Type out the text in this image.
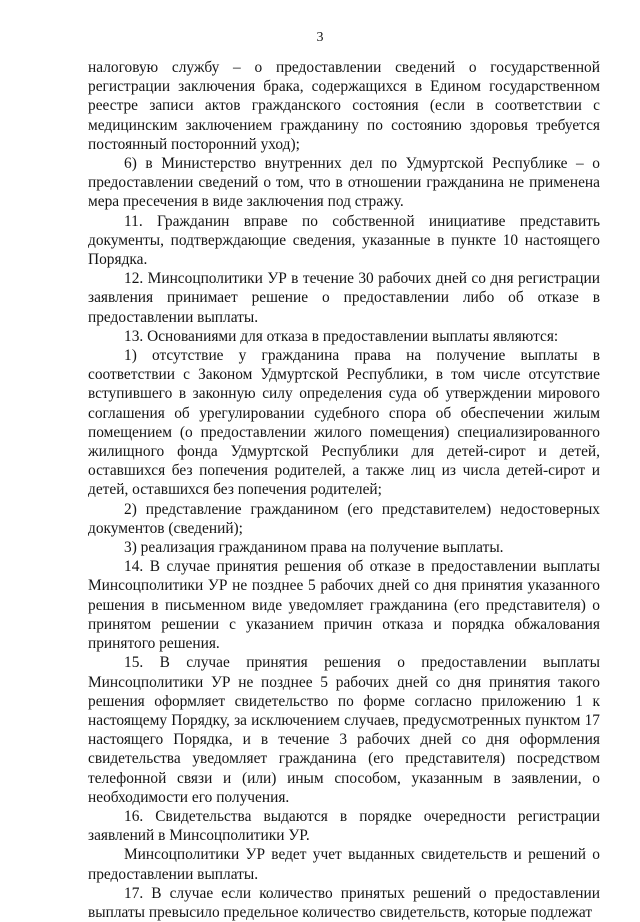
3

налоговую службу – о предоставлении сведений о государственной регистрации заключения брака, содержащихся в Едином государственном реестре записи актов гражданского состояния (если в соответствии с медицинским заключением гражданину по состоянию здоровья требуется постоянный посторонний уход);

6) в Министерство внутренних дел по Удмуртской Республике – о предоставлении сведений о том, что в отношении гражданина не применена мера пресечения в виде заключения под стражу.

11. Гражданин вправе по собственной инициативе представить документы, подтверждающие сведения, указанные в пункте 10 настоящего Порядка.

12. Минсоцполитики УР в течение 30 рабочих дней со дня регистрации заявления принимает решение о предоставлении либо об отказе в предоставлении выплаты.

13. Основаниями для отказа в предоставлении выплаты являются:

1) отсутствие у гражданина права на получение выплаты в соответствии с Законом Удмуртской Республики, в том числе отсутствие вступившего в законную силу определения суда об утверждении мирового соглашения об урегулировании судебного спора об обеспечении жилым помещением (о предоставлении жилого помещения) специализированного жилищного фонда Удмуртской Республики для детей-сирот и детей, оставшихся без попечения родителей, а также лиц из числа детей-сирот и детей, оставшихся без попечения родителей;

2) представление гражданином (его представителем) недостоверных документов (сведений);

3) реализация гражданином права на получение выплаты.

14. В случае принятия решения об отказе в предоставлении выплаты Минсоцполитики УР не позднее 5 рабочих дней со дня принятия указанного решения в письменном виде уведомляет гражданина (его представителя) о принятом решении с указанием причин отказа и порядка обжалования принятого решения.

15. В случае принятия решения о предоставлении выплаты Минсоцполитики УР не позднее 5 рабочих дней со дня принятия такого решения оформляет свидетельство по форме согласно приложению 1 к настоящему Порядку, за исключением случаев, предусмотренных пунктом 17 настоящего Порядка, и в течение 3 рабочих дней со дня оформления свидетельства уведомляет гражданина (его представителя) посредством телефонной связи и (или) иным способом, указанным в заявлении, о необходимости его получения.

16. Свидетельства выдаются в порядке очередности регистрации заявлений в Минсоцполитики УР.

Минсоцполитики УР ведет учет выданных свидетельств и решений о предоставлении выплаты.

17. В случае если количество принятых решений о предоставлении выплаты превысило предельное количество свидетельств, которые подлежат
